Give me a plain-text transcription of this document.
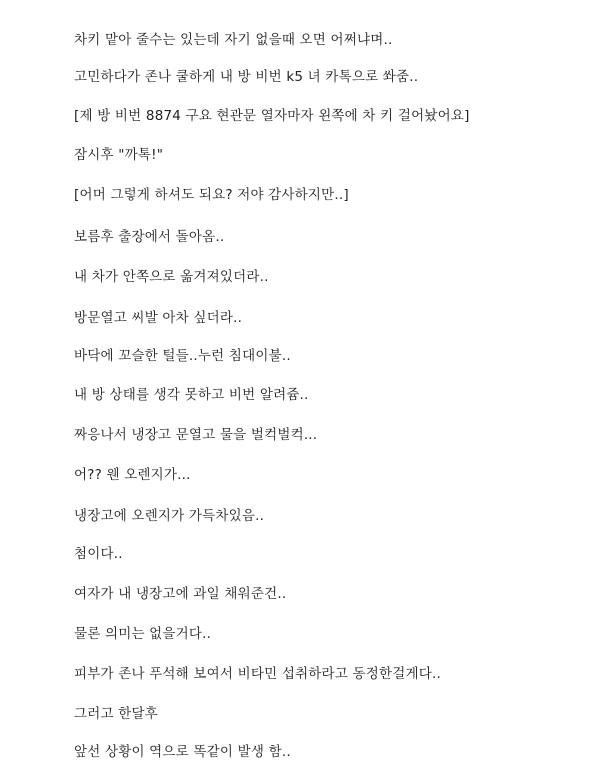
차키 맡아 줄수는 있는데 자기 없을때 오면 어쩌냐며..
고민하다가 존나 쿨하게 내 방 비번 k5 녀 카톡으로 쏴줌..
[제 방 비번 8874 구요 현관문 열자마자 왼쪽에 차 키 걸어놨어요]
잠시후 "까톡!"
[어머 그렇게 하셔도 되요? 저야 감사하지만..]
보름후 출장에서 돌아옴..
내 차가 안쪽으로 옮겨져있더라..
방문열고 씨발 아차 싶더라..
바닥에 꼬슬한 털들..누런 침대이불..
내 방 상태를 생각 못하고 비번 알려쥼..
짜응나서 냉장고 문열고 물을 벌컥벌컥...
어?? 웬 오렌지가...
냉장고에 오렌지가 가득차있음..
첨이다..
여자가 내 냉장고에 과일 채워준건..
물론 의미는 없을거다..
피부가 존나 푸석해 보여서 비타민 섭취하라고 동정한걸게다..
그러고 한달후
앞선 상황이 역으로 똑같이 발생 함..
